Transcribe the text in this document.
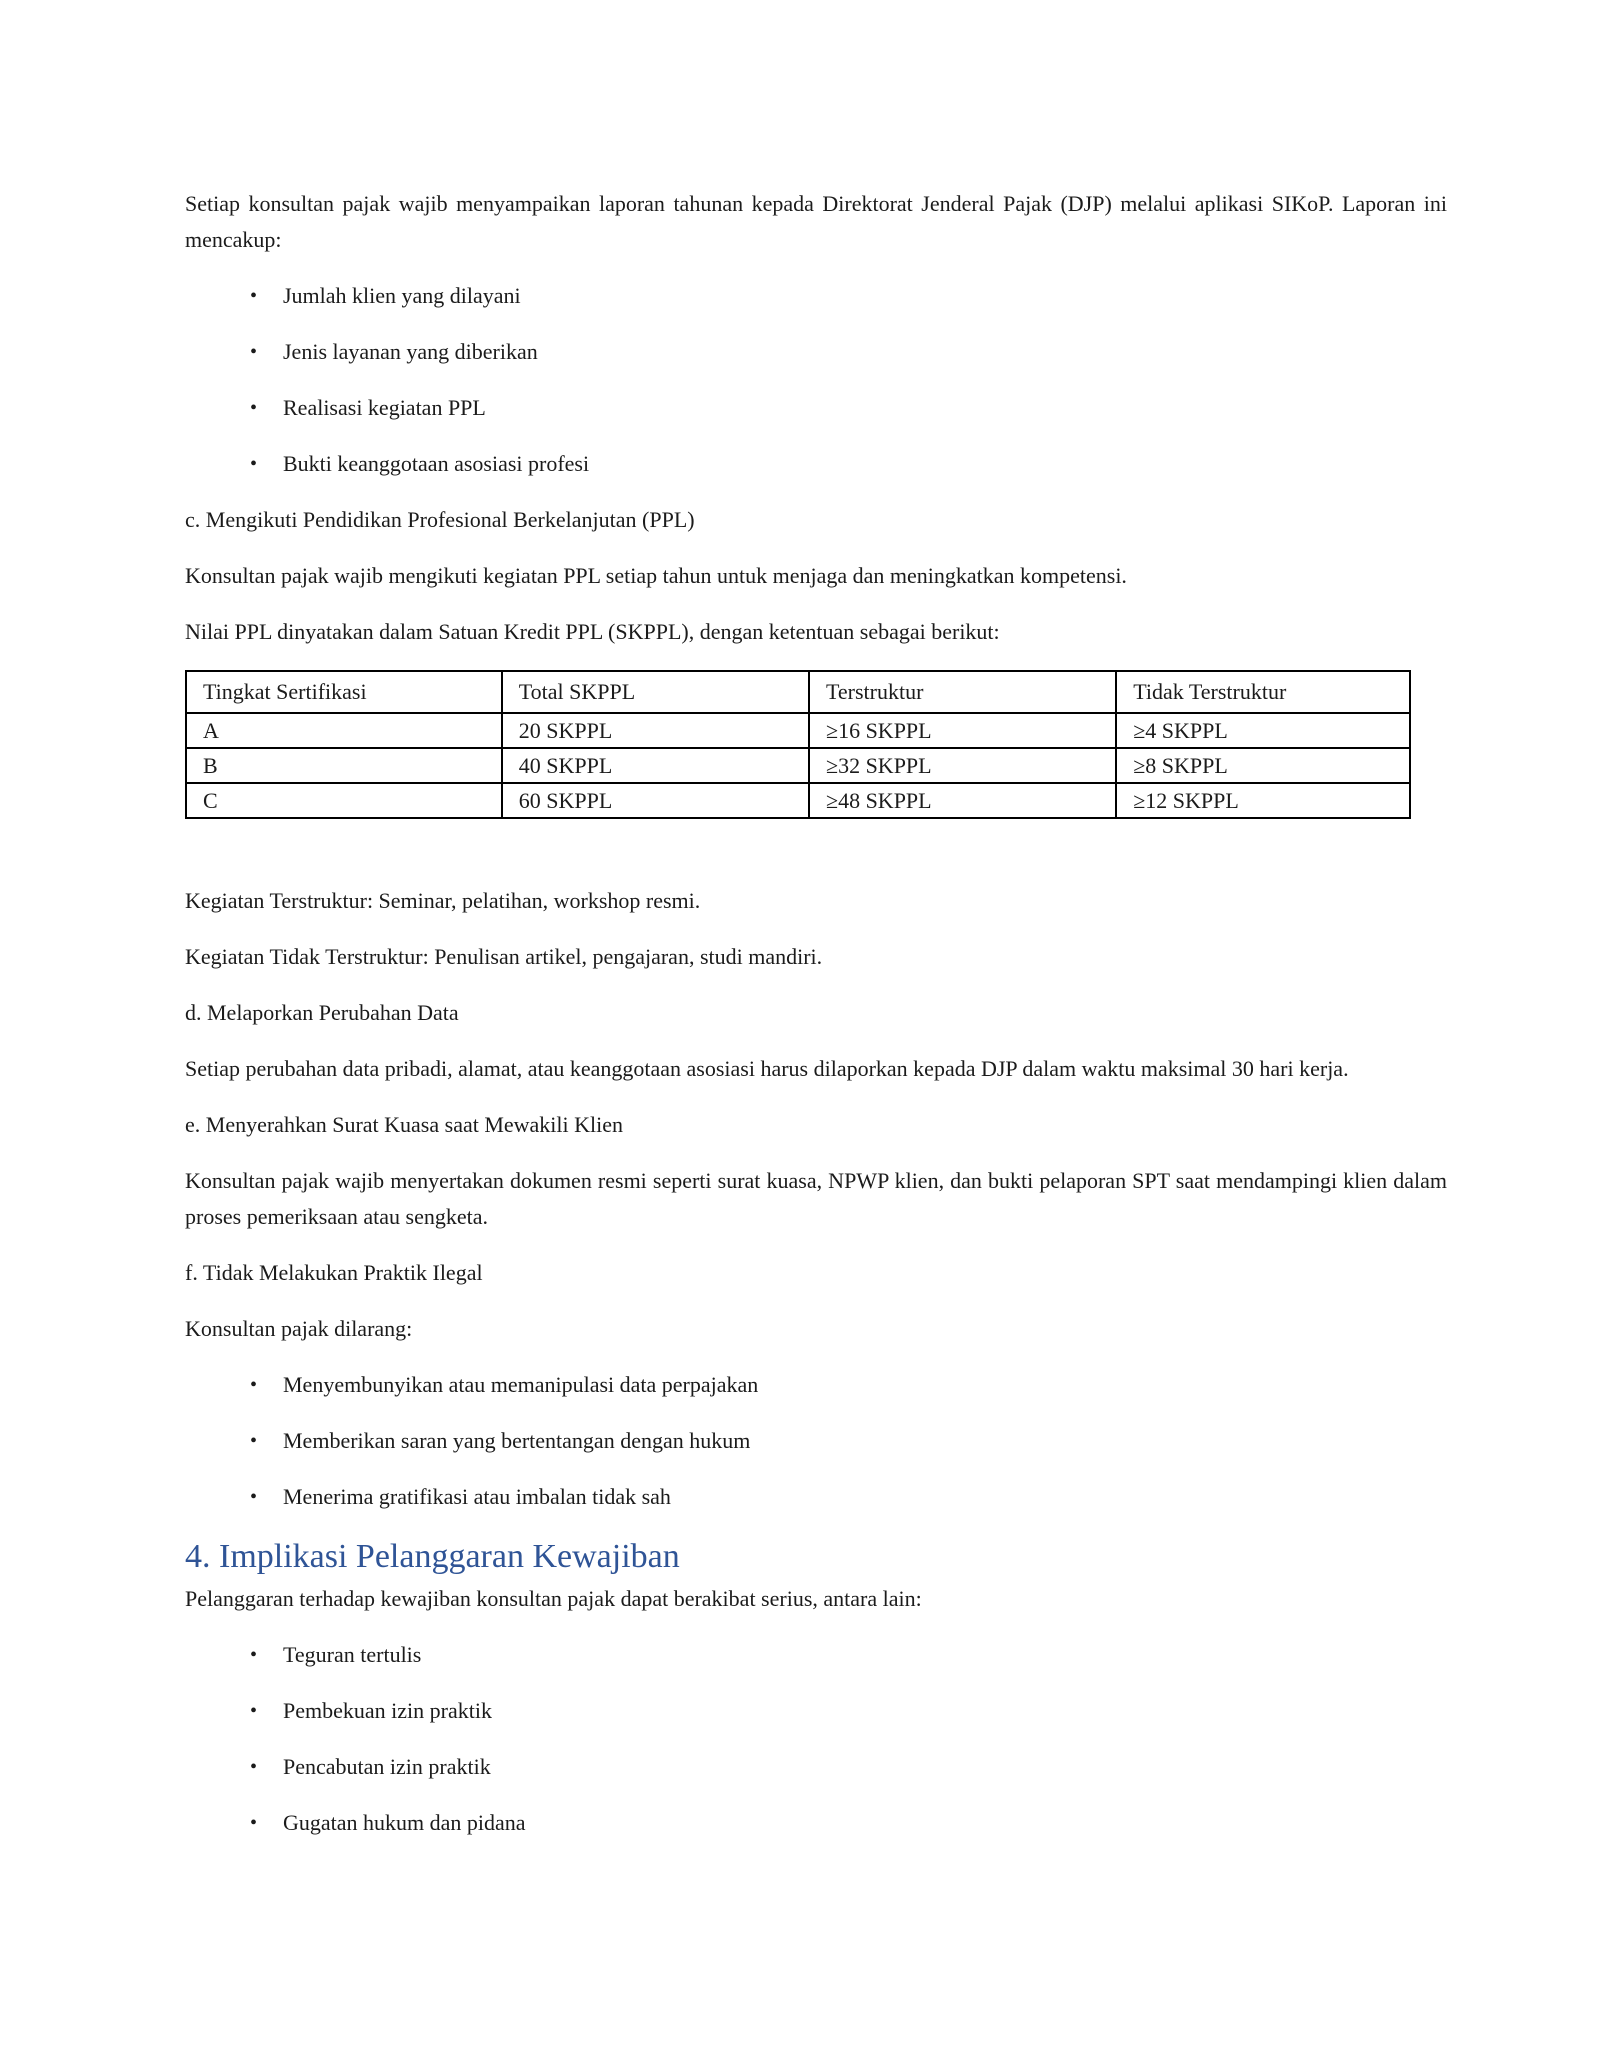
Setiap konsultan pajak wajib menyampaikan laporan tahunan kepada Direktorat Jenderal Pajak (DJP) melalui aplikasi SIKoP. Laporan ini mencakup:

• Jumlah klien yang dilayani
• Jenis layanan yang diberikan
• Realisasi kegiatan PPL
• Bukti keanggotaan asosiasi profesi

c. Mengikuti Pendidikan Profesional Berkelanjutan (PPL)

Konsultan pajak wajib mengikuti kegiatan PPL setiap tahun untuk menjaga dan meningkatkan kompetensi.

Nilai PPL dinyatakan dalam Satuan Kredit PPL (SKPPL), dengan ketentuan sebagai berikut:

Tingkat Sertifikasi	Total SKPPL	Terstruktur	Tidak Terstruktur
A	20 SKPPL	≥16 SKPPL	≥4 SKPPL
B	40 SKPPL	≥32 SKPPL	≥8 SKPPL
C	60 SKPPL	≥48 SKPPL	≥12 SKPPL

Kegiatan Terstruktur: Seminar, pelatihan, workshop resmi.

Kegiatan Tidak Terstruktur: Penulisan artikel, pengajaran, studi mandiri.

d. Melaporkan Perubahan Data

Setiap perubahan data pribadi, alamat, atau keanggotaan asosiasi harus dilaporkan kepada DJP dalam waktu maksimal 30 hari kerja.

e. Menyerahkan Surat Kuasa saat Mewakili Klien

Konsultan pajak wajib menyertakan dokumen resmi seperti surat kuasa, NPWP klien, dan bukti pelaporan SPT saat mendampingi klien dalam proses pemeriksaan atau sengketa.

f. Tidak Melakukan Praktik Ilegal

Konsultan pajak dilarang:

• Menyembunyikan atau memanipulasi data perpajakan
• Memberikan saran yang bertentangan dengan hukum
• Menerima gratifikasi atau imbalan tidak sah
4. Implikasi Pelanggaran Kewajiban

Pelanggaran terhadap kewajiban konsultan pajak dapat berakibat serius, antara lain:

• Teguran tertulis
• Pembekuan izin praktik
• Pencabutan izin praktik
• Gugatan hukum dan pidana
